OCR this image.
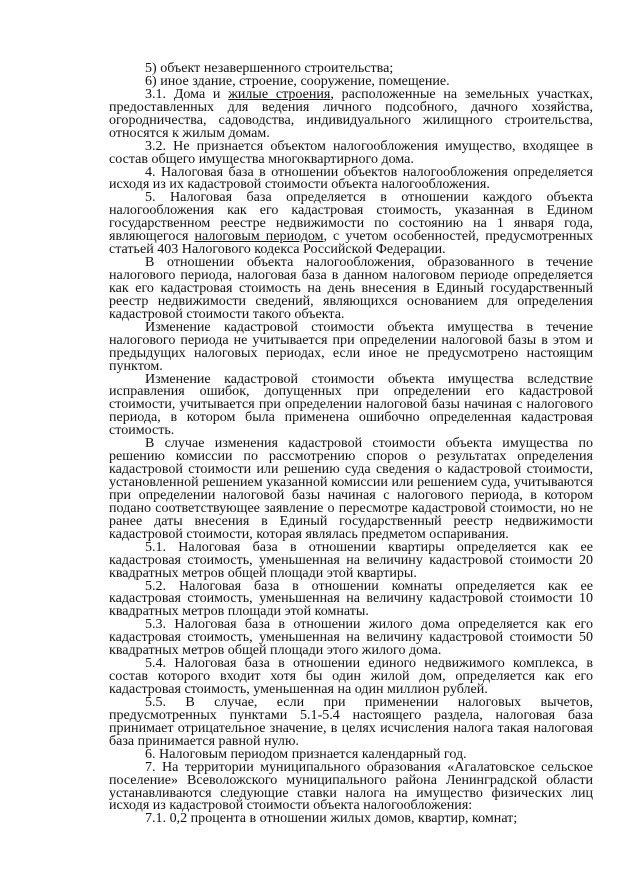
5) объект незавершенного строительства;

6) иное здание, строение, сооружение, помещение.

3.1. Дома и жилые строения, расположенные на земельных участках, предоставленных для ведения личного подсобного, дачного хозяйства, огородничества, садоводства, индивидуального жилищного строительства, относятся к жилым домам.

3.2. Не признается объектом налогообложения имущество, входящее в состав общего имущества многоквартирного дома.

4. Налоговая база в отношении объектов налогообложения определяется исходя из их кадастровой стоимости объекта налогообложения.

5. Налоговая база определяется в отношении каждого объекта налогообложения как его кадастровая стоимость, указанная в Едином государственном реестре недвижимости по состоянию на 1 января года, являющегося налоговым периодом, с учетом особенностей, предусмотренных статьей 403 Налогового кодекса Российской Федерации.

В отношении объекта налогообложения, образованного в течение налогового периода, налоговая база в данном налоговом периоде определяется как его кадастровая стоимость на день внесения в Единый государственный реестр недвижимости сведений, являющихся основанием для определения кадастровой стоимости такого объекта.

Изменение кадастровой стоимости объекта имущества в течение налогового периода не учитывается при определении налоговой базы в этом и предыдущих налоговых периодах, если иное не предусмотрено настоящим пунктом.

Изменение кадастровой стоимости объекта имущества вследствие исправления ошибок, допущенных при определении его кадастровой стоимости, учитывается при определении налоговой базы начиная с налогового периода, в котором была применена ошибочно определенная кадастровая стоимость.

В случае изменения кадастровой стоимости объекта имущества по решению комиссии по рассмотрению споров о результатах определения кадастровой стоимости или решению суда сведения о кадастровой стоимости, установленной решением указанной комиссии или решением суда, учитываются при определении налоговой базы начиная с налогового периода, в котором подано соответствующее заявление о пересмотре кадастровой стоимости, но не ранее даты внесения в Единый государственный реестр недвижимости кадастровой стоимости, которая являлась предметом оспаривания.

5.1. Налоговая база в отношении квартиры определяется как ее кадастровая стоимость, уменьшенная на величину кадастровой стоимости 20 квадратных метров общей площади этой квартиры.

5.2. Налоговая база в отношении комнаты определяется как ее кадастровая стоимость, уменьшенная на величину кадастровой стоимости 10 квадратных метров площади этой комнаты.

5.3. Налоговая база в отношении жилого дома определяется как его кадастровая стоимость, уменьшенная на величину кадастровой стоимости 50 квадратных метров общей площади этого жилого дома.

5.4. Налоговая база в отношении единого недвижимого комплекса, в состав которого входит хотя бы один жилой дом, определяется как его кадастровая стоимость, уменьшенная на один миллион рублей.

5.5. В случае, если при применении налоговых вычетов, предусмотренных пунктами 5.1-5.4 настоящего раздела, налоговая база принимает отрицательное значение, в целях исчисления налога такая налоговая база принимается равной нулю.

6. Налоговым периодом признается календарный год.

7. На территории муниципального образования «Агалатовское сельское поселение» Всеволожского муниципального района Ленинградской области устанавливаются следующие ставки налога на имущество физических лиц исходя из кадастровой стоимости объекта налогообложения:

7.1. 0,2 процента в отношении жилых домов, квартир, комнат;
